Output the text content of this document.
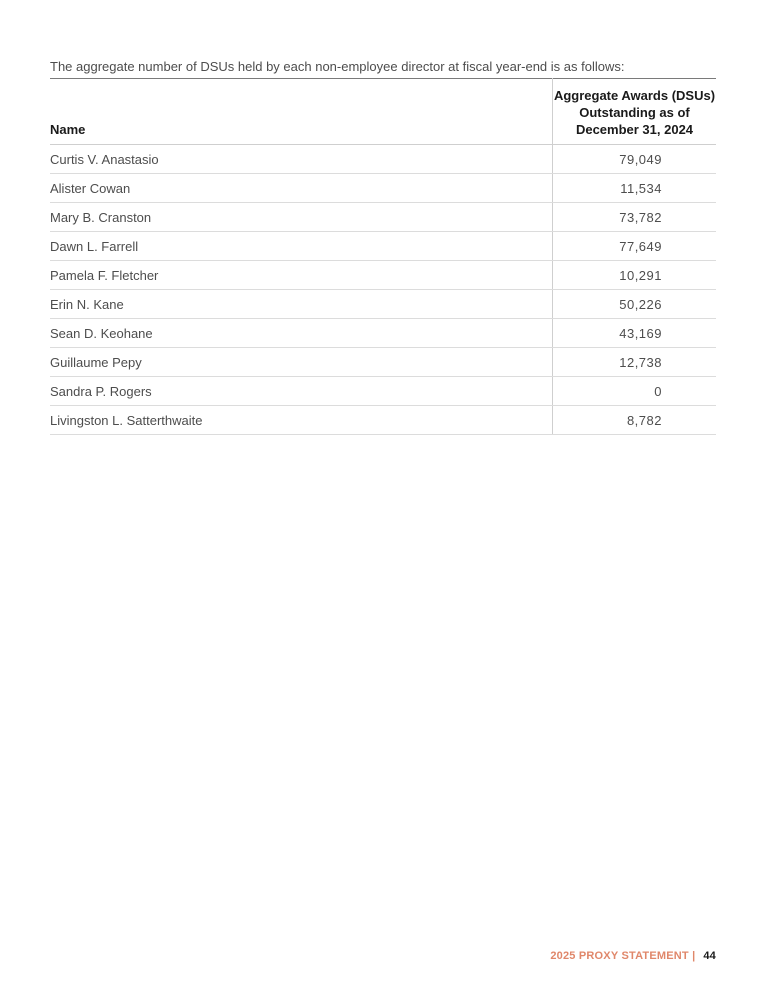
The aggregate number of DSUs held by each non-employee director at fiscal year-end is as follows:

Name	Aggregate Awards (DSUs)
Outstanding as of
December 31, 2024
Curtis V. Anastasio	79,049
Alister Cowan	11,534
Mary B. Cranston	73,782
Dawn L. Farrell	77,649
Pamela F. Fletcher	10,291
Erin N. Kane	50,226
Sean D. Keohane	43,169
Guillaume Pepy	12,738
Sandra P. Rogers	0
Livingston L. Satterthwaite	8,782
2025 PROXY STATEMENT | 44
